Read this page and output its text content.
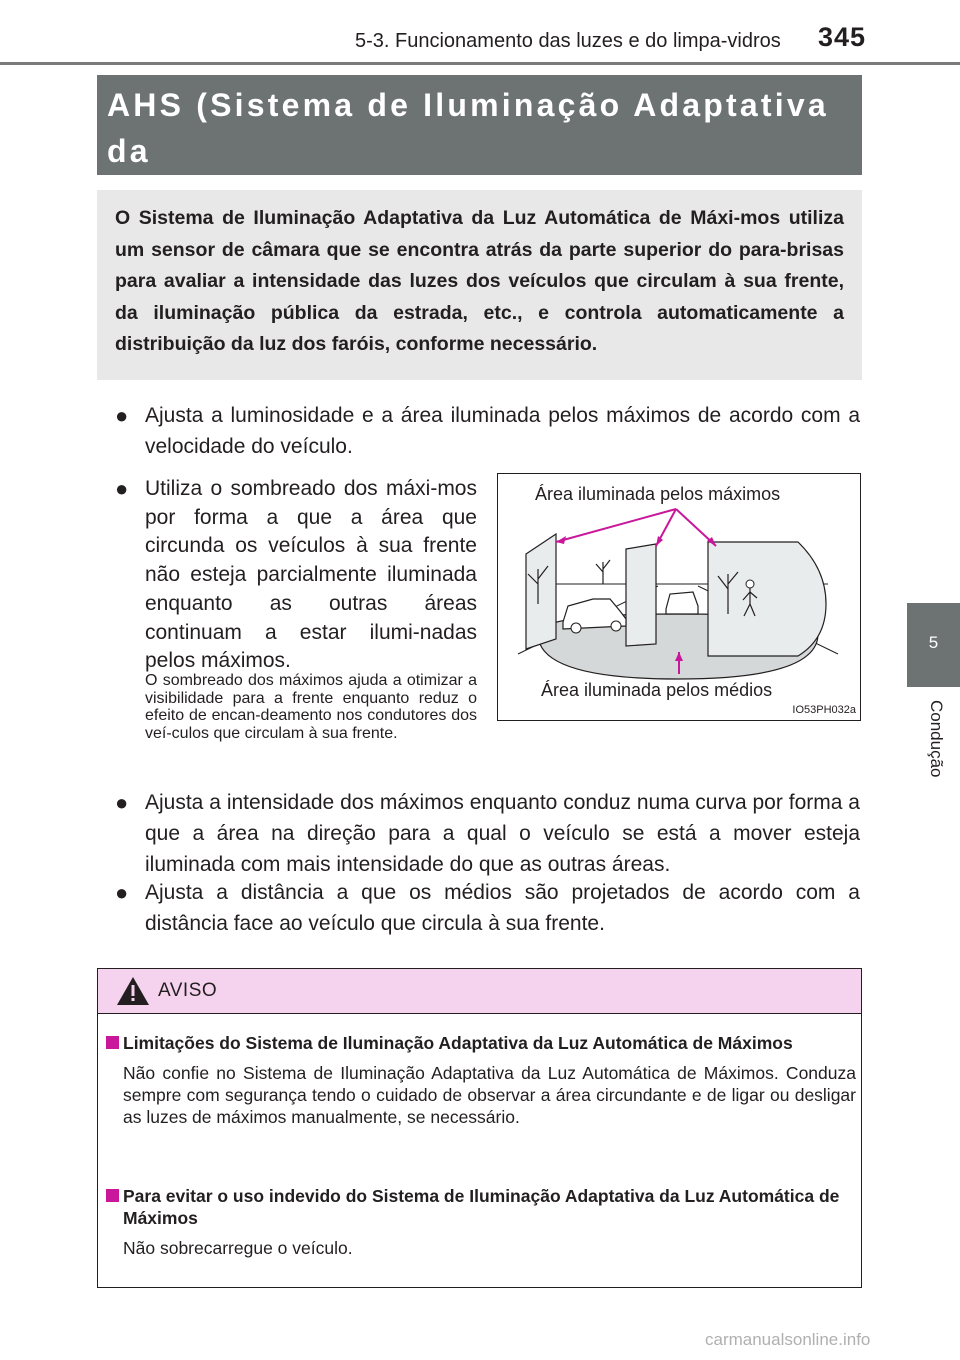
5-3. Funcionamento das luzes e do limpa-vidros 345
AHS (Sistema de Iluminação Adaptativa da
O Sistema de Iluminação Adaptativa da Luz Automática de Máxi-mos utiliza um sensor de câmara que se encontra atrás da parte superior do para-brisas para avaliar a intensidade das luzes dos veículos que circulam à sua frente, da iluminação pública da estrada, etc., e controla automaticamente a distribuição da luz dos faróis, conforme necessário.
● Ajusta a luminosidade e a área iluminada pelos máximos de acordo com a velocidade do veículo.
● Utiliza o sombreado dos máxi-mos por forma a que a área que circunda os veículos à sua frente não esteja parcialmente iluminada enquanto as outras áreas continuam a estar ilumi-nadas pelos máximos.
O sombreado dos máximos ajuda a otimizar a visibilidade para a frente enquanto reduz o efeito de encan-deamento nos condutores dos veí-culos que circulam à sua frente.
Área iluminada pelos máximos
Área iluminada pelos médios
IO53PH032a
● Ajusta a intensidade dos máximos enquanto conduz numa curva por forma a que a área na direção para a qual o veículo se está a mover esteja iluminada com mais intensidade do que as outras áreas.
● Ajusta a distância a que os médios são projetados de acordo com a distância face ao veículo que circula à sua frente.
AVISO
Limitações do Sistema de Iluminação Adaptativa da Luz Automática de Máximos
Não confie no Sistema de Iluminação Adaptativa da Luz Automática de Máximos. Conduza sempre com segurança tendo o cuidado de observar a área circundante e de ligar ou desligar as luzes de máximos manualmente, se necessário.
Para evitar o uso indevido do Sistema de Iluminação Adaptativa da Luz Automática de Máximos
Não sobrecarregue o veículo.
5
Condução
carmanualsonline.info
